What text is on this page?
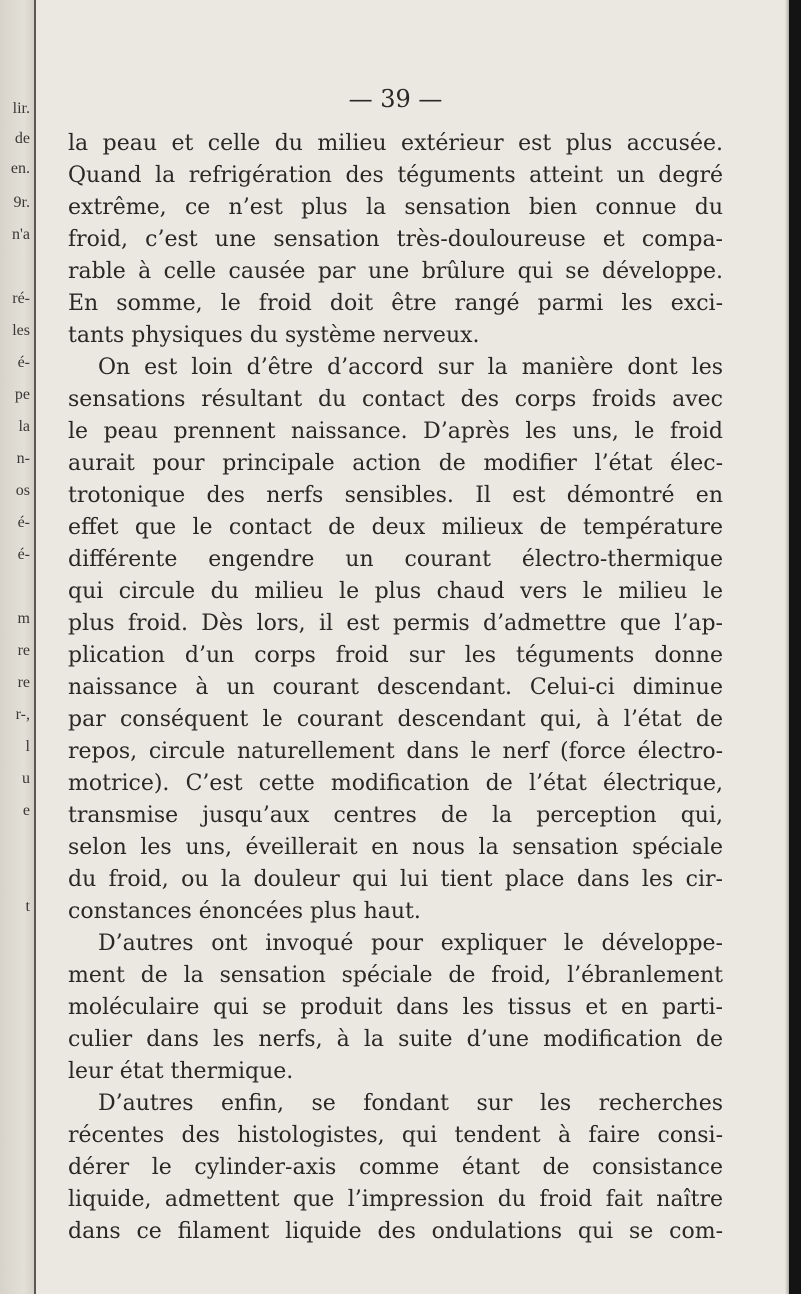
lir.
de
en.
9r.
n'a
ré-
les
é-
pe
la
n-
os
é-
é-
m
re
re
r-,
l
u
e
t
— 39 —
la peau et celle du milieu extérieur est plus accusée.
Quand la refrigération des téguments atteint un degré
extrême, ce n’est plus la sensation bien connue du
froid, c’est une sensation très-douloureuse et compa-
rable à celle causée par une brûlure qui se développe.
En somme, le froid doit être rangé parmi les exci-
tants physiques du système nerveux.
On est loin d’être d’accord sur la manière dont les
sensations résultant du contact des corps froids avec
le peau prennent naissance. D’après les uns, le froid
aurait pour principale action de modifier l’état élec-
trotonique des nerfs sensibles. Il est démontré en
effet que le contact de deux milieux de température
différente engendre un courant électro-thermique
qui circule du milieu le plus chaud vers le milieu le
plus froid. Dès lors, il est permis d’admettre que l’ap-
plication d’un corps froid sur les téguments donne
naissance à un courant descendant. Celui-ci diminue
par conséquent le courant descendant qui, à l’état de
repos, circule naturellement dans le nerf (force électro-
motrice). C’est cette modification de l’état électrique,
transmise jusqu’aux centres de la perception qui,
selon les uns, éveillerait en nous la sensation spéciale
du froid, ou la douleur qui lui tient place dans les cir-
constances énoncées plus haut.
D’autres ont invoqué pour expliquer le développe-
ment de la sensation spéciale de froid, l’ébranlement
moléculaire qui se produit dans les tissus et en parti-
culier dans les nerfs, à la suite d’une modification de
leur état thermique.
D’autres enfin, se fondant sur les recherches
récentes des histologistes, qui tendent à faire consi-
dérer le cylinder-axis comme étant de consistance
liquide, admettent que l’impression du froid fait naître
dans ce filament liquide des ondulations qui se com-
